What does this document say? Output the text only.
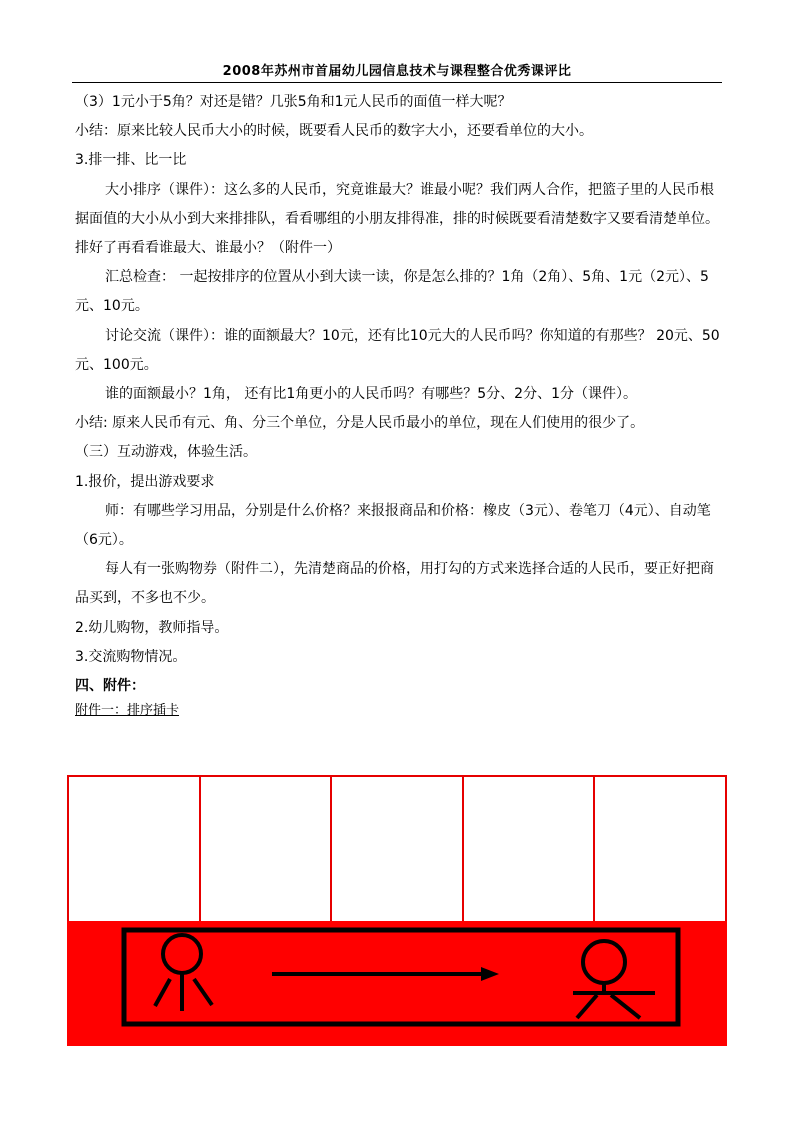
2008年苏州市首届幼儿园信息技术与课程整合优秀课评比

（3）1元小于5角？对还是错？几张5角和1元人民币的面值一样大呢？

小结：原来比较人民币大小的时候，既要看人民币的数字大小，还要看单位的大小。

3.排一排、比一比

大小排序（课件）：这么多的人民币，究竟谁最大？谁最小呢？我们两人合作，把篮子里的人民币根据面值的大小从小到大来排排队，看看哪组的小朋友排得准，排的时候既要看清楚数字又要看清楚单位。排好了再看看谁最大、谁最小？（附件一）

汇总检查： 一起按排序的位置从小到大读一读，你是怎么排的？1角（2角）、5角、1元（2元）、5元、10元。

讨论交流（课件）：谁的面额最大？10元，还有比10元大的人民币吗？你知道的有那些？ 20元、50元、100元。

谁的面额最小？1角， 还有比1角更小的人民币吗？有哪些？5分、2分、1分（课件）。

小结: 原来人民币有元、角、分三个单位，分是人民币最小的单位，现在人们使用的很少了。

（三）互动游戏，体验生活。

1.报价，提出游戏要求

师：有哪些学习用品，分别是什么价格？来报报商品和价格：橡皮（3元）、卷笔刀（4元）、自动笔（6元）。

每人有一张购物券（附件二），先清楚商品的价格，用打勾的方式来选择合适的人民币，要正好把商品买到，不多也不少。

2.幼儿购物，教师指导。

3.交流购物情况。

四、附件：

附件一：排序插卡
